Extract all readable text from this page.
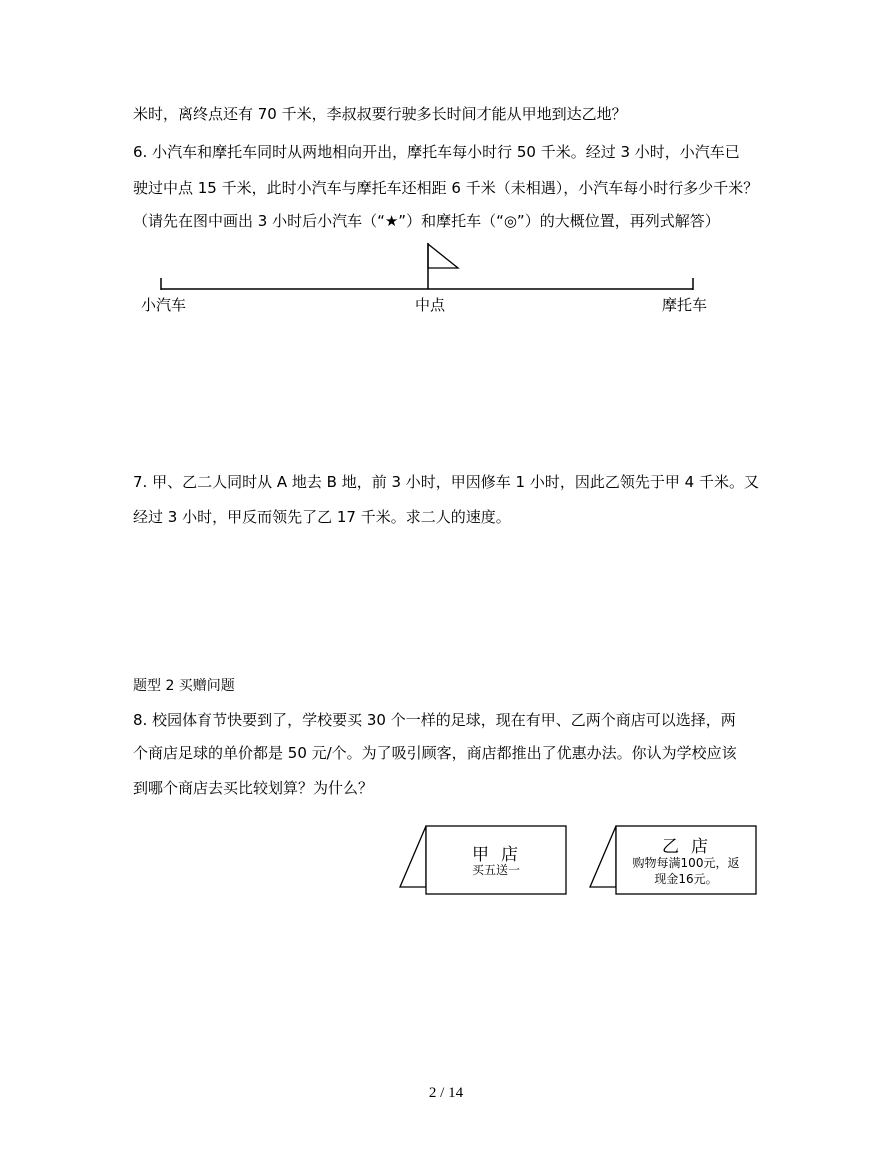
米时，离终点还有 70 千米，李叔叔要行驶多长时间才能从甲地到达乙地？
6. 小汽车和摩托车同时从两地相向开出，摩托车每小时行 50 千米。经过 3 小时，小汽车已
驶过中点 15 千米，此时小汽车与摩托车还相距 6 千米（未相遇），小汽车每小时行多少千米？
（请先在图中画出 3 小时后小汽车（“★”）和摩托车（“◎”）的大概位置，再列式解答）
小汽车	中点	摩托车
7. 甲、乙二人同时从 A 地去 B 地，前 3 小时，甲因修车 1 小时，因此乙领先于甲 4 千米。又
经过 3 小时，甲反而领先了乙 17 千米。求二人的速度。
题型 2 买赠问题
8. 校园体育节快要到了，学校要买 30 个一样的足球，现在有甲、乙两个商店可以选择，两
个商店足球的单价都是 50 元/个。为了吸引顾客，商店都推出了优惠办法。你认为学校应该
到哪个商店去买比较划算？为什么？
甲店
买五送一
乙店
购物每满100元，返
现金16元。
2 / 14
